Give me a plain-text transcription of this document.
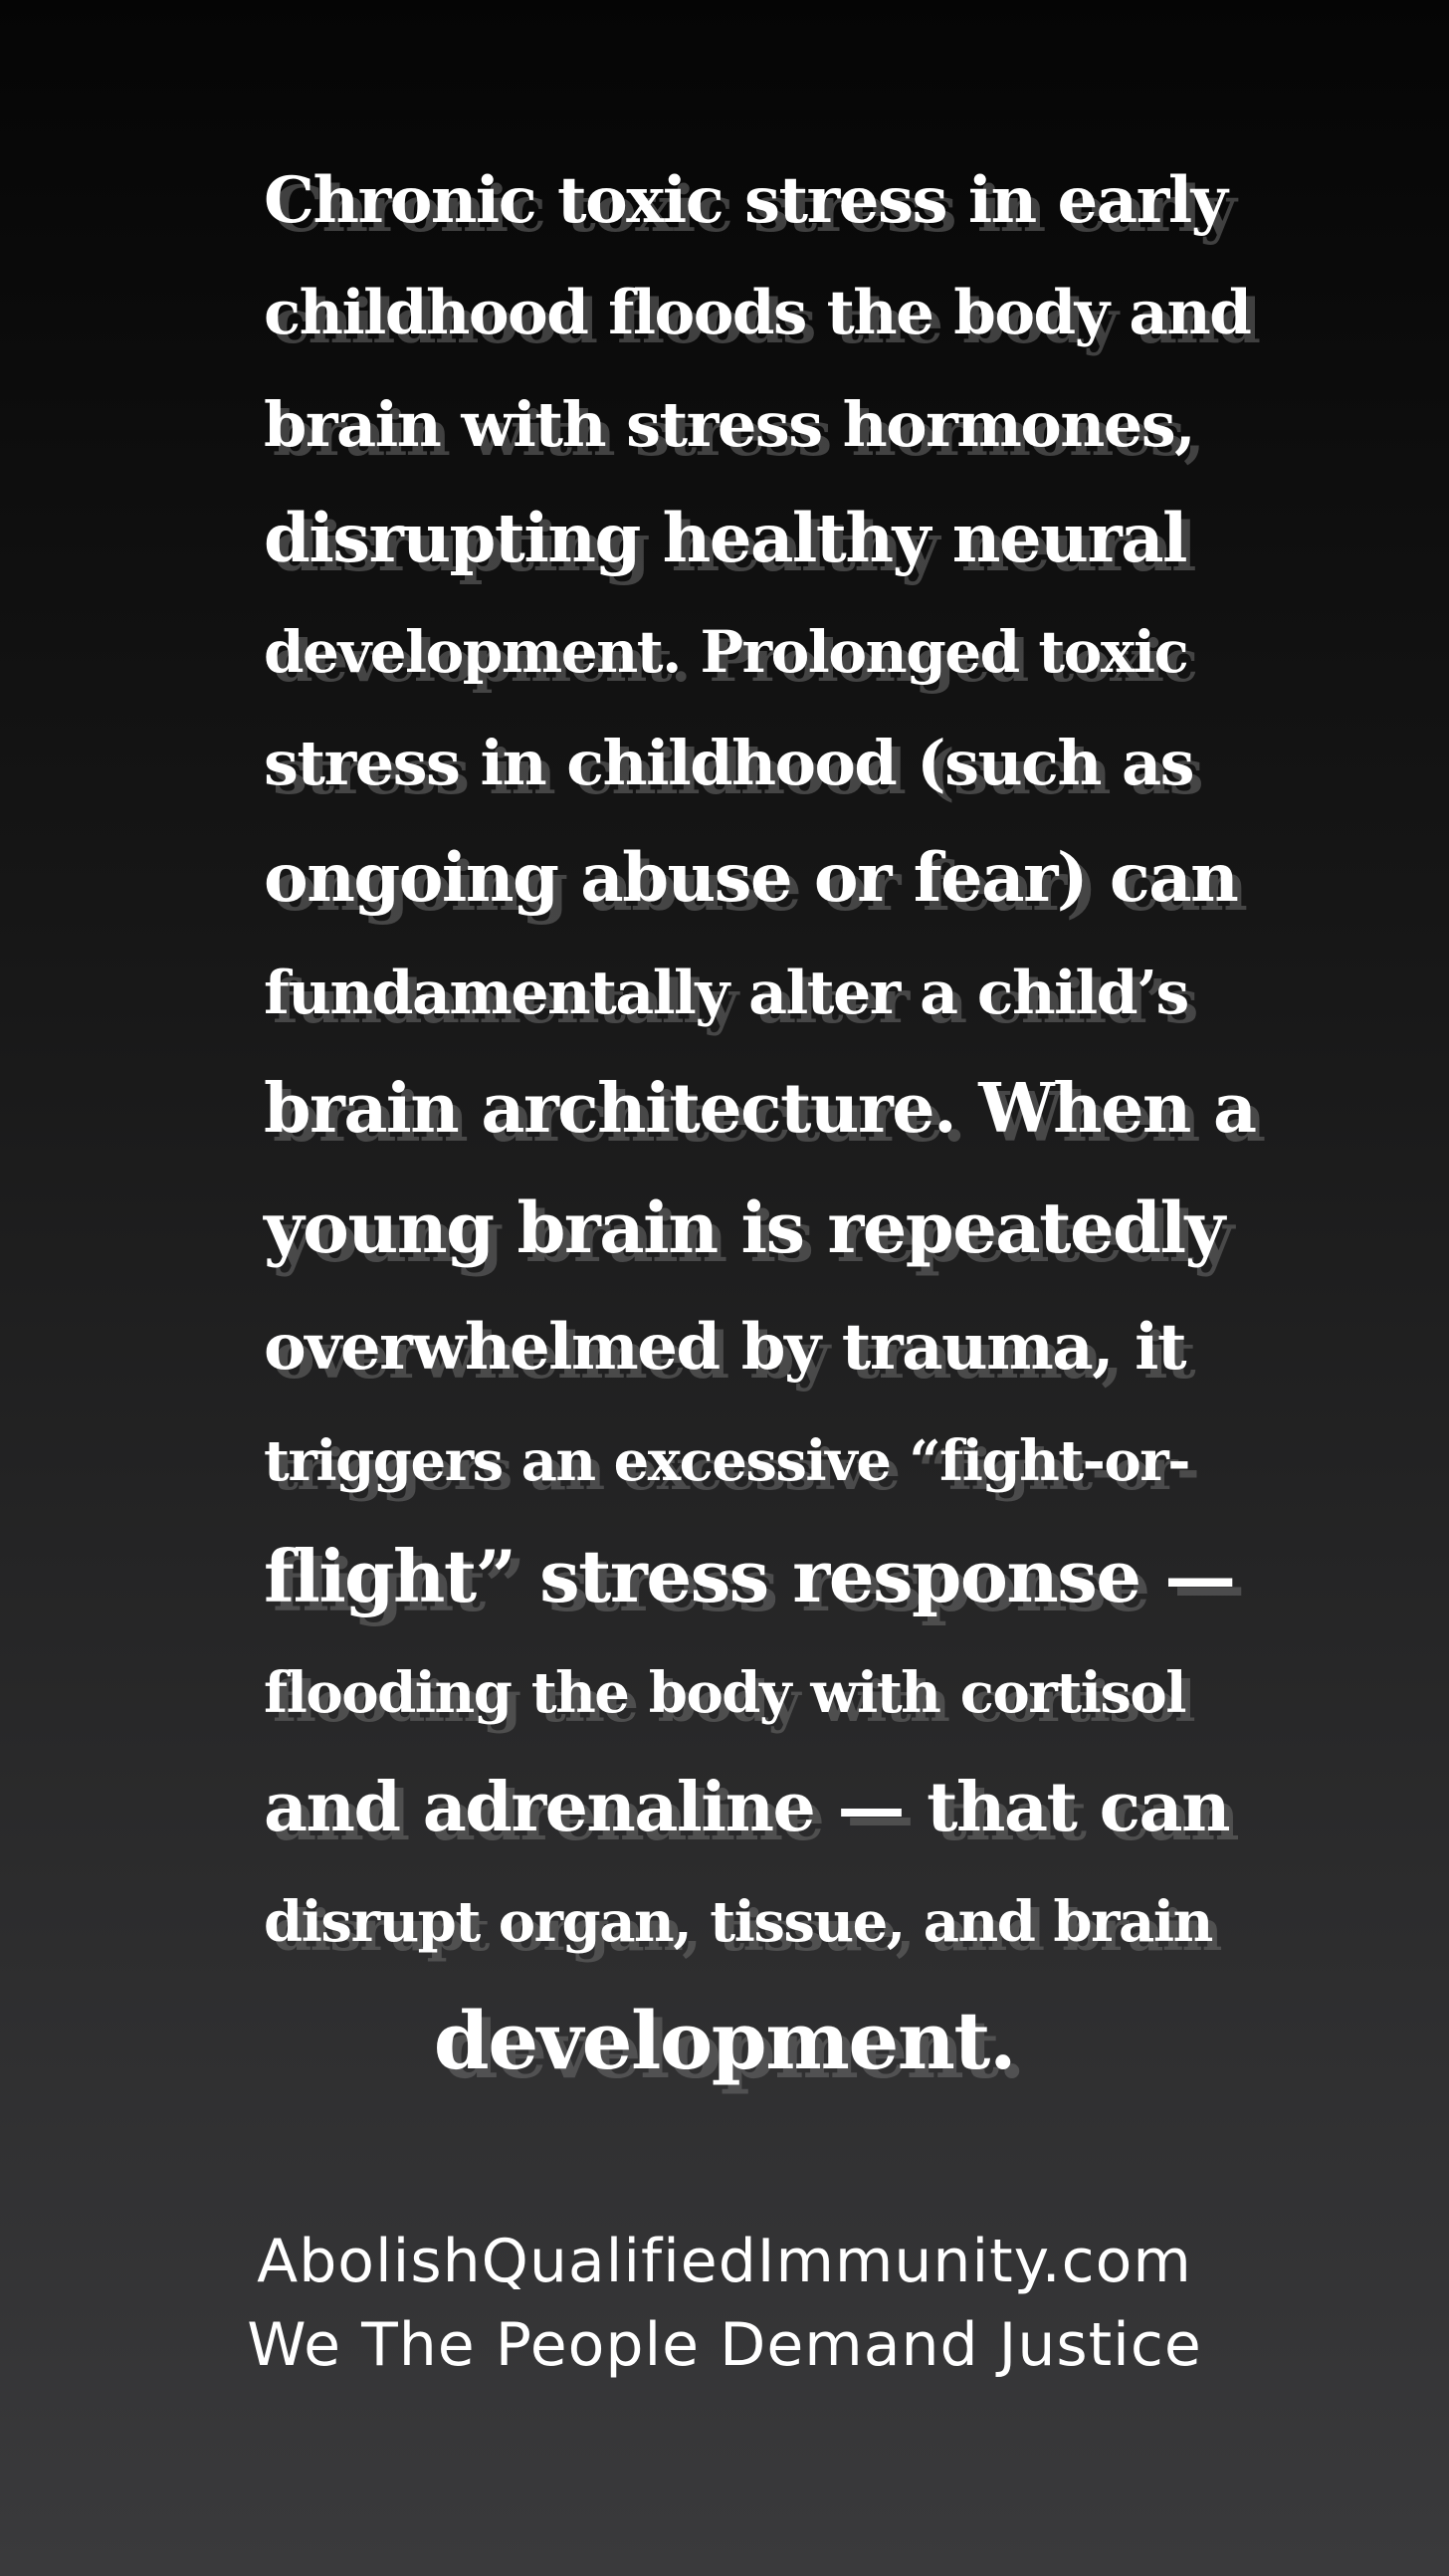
Chronic toxic stress in early
childhood floods the body and
brain with stress hormones,
disrupting healthy neural
development. Prolonged toxic
stress in childhood (such as
ongoing abuse or fear) can
fundamentally alter a child’s
brain architecture. When a
young brain is repeatedly
overwhelmed by trauma, it
triggers an excessive “fight-or-
flight” stress response —
flooding the body with cortisol
and adrenaline — that can
disrupt organ, tissue, and brain
development.
AbolishQualifiedImmunity.com
We The People Demand Justice
